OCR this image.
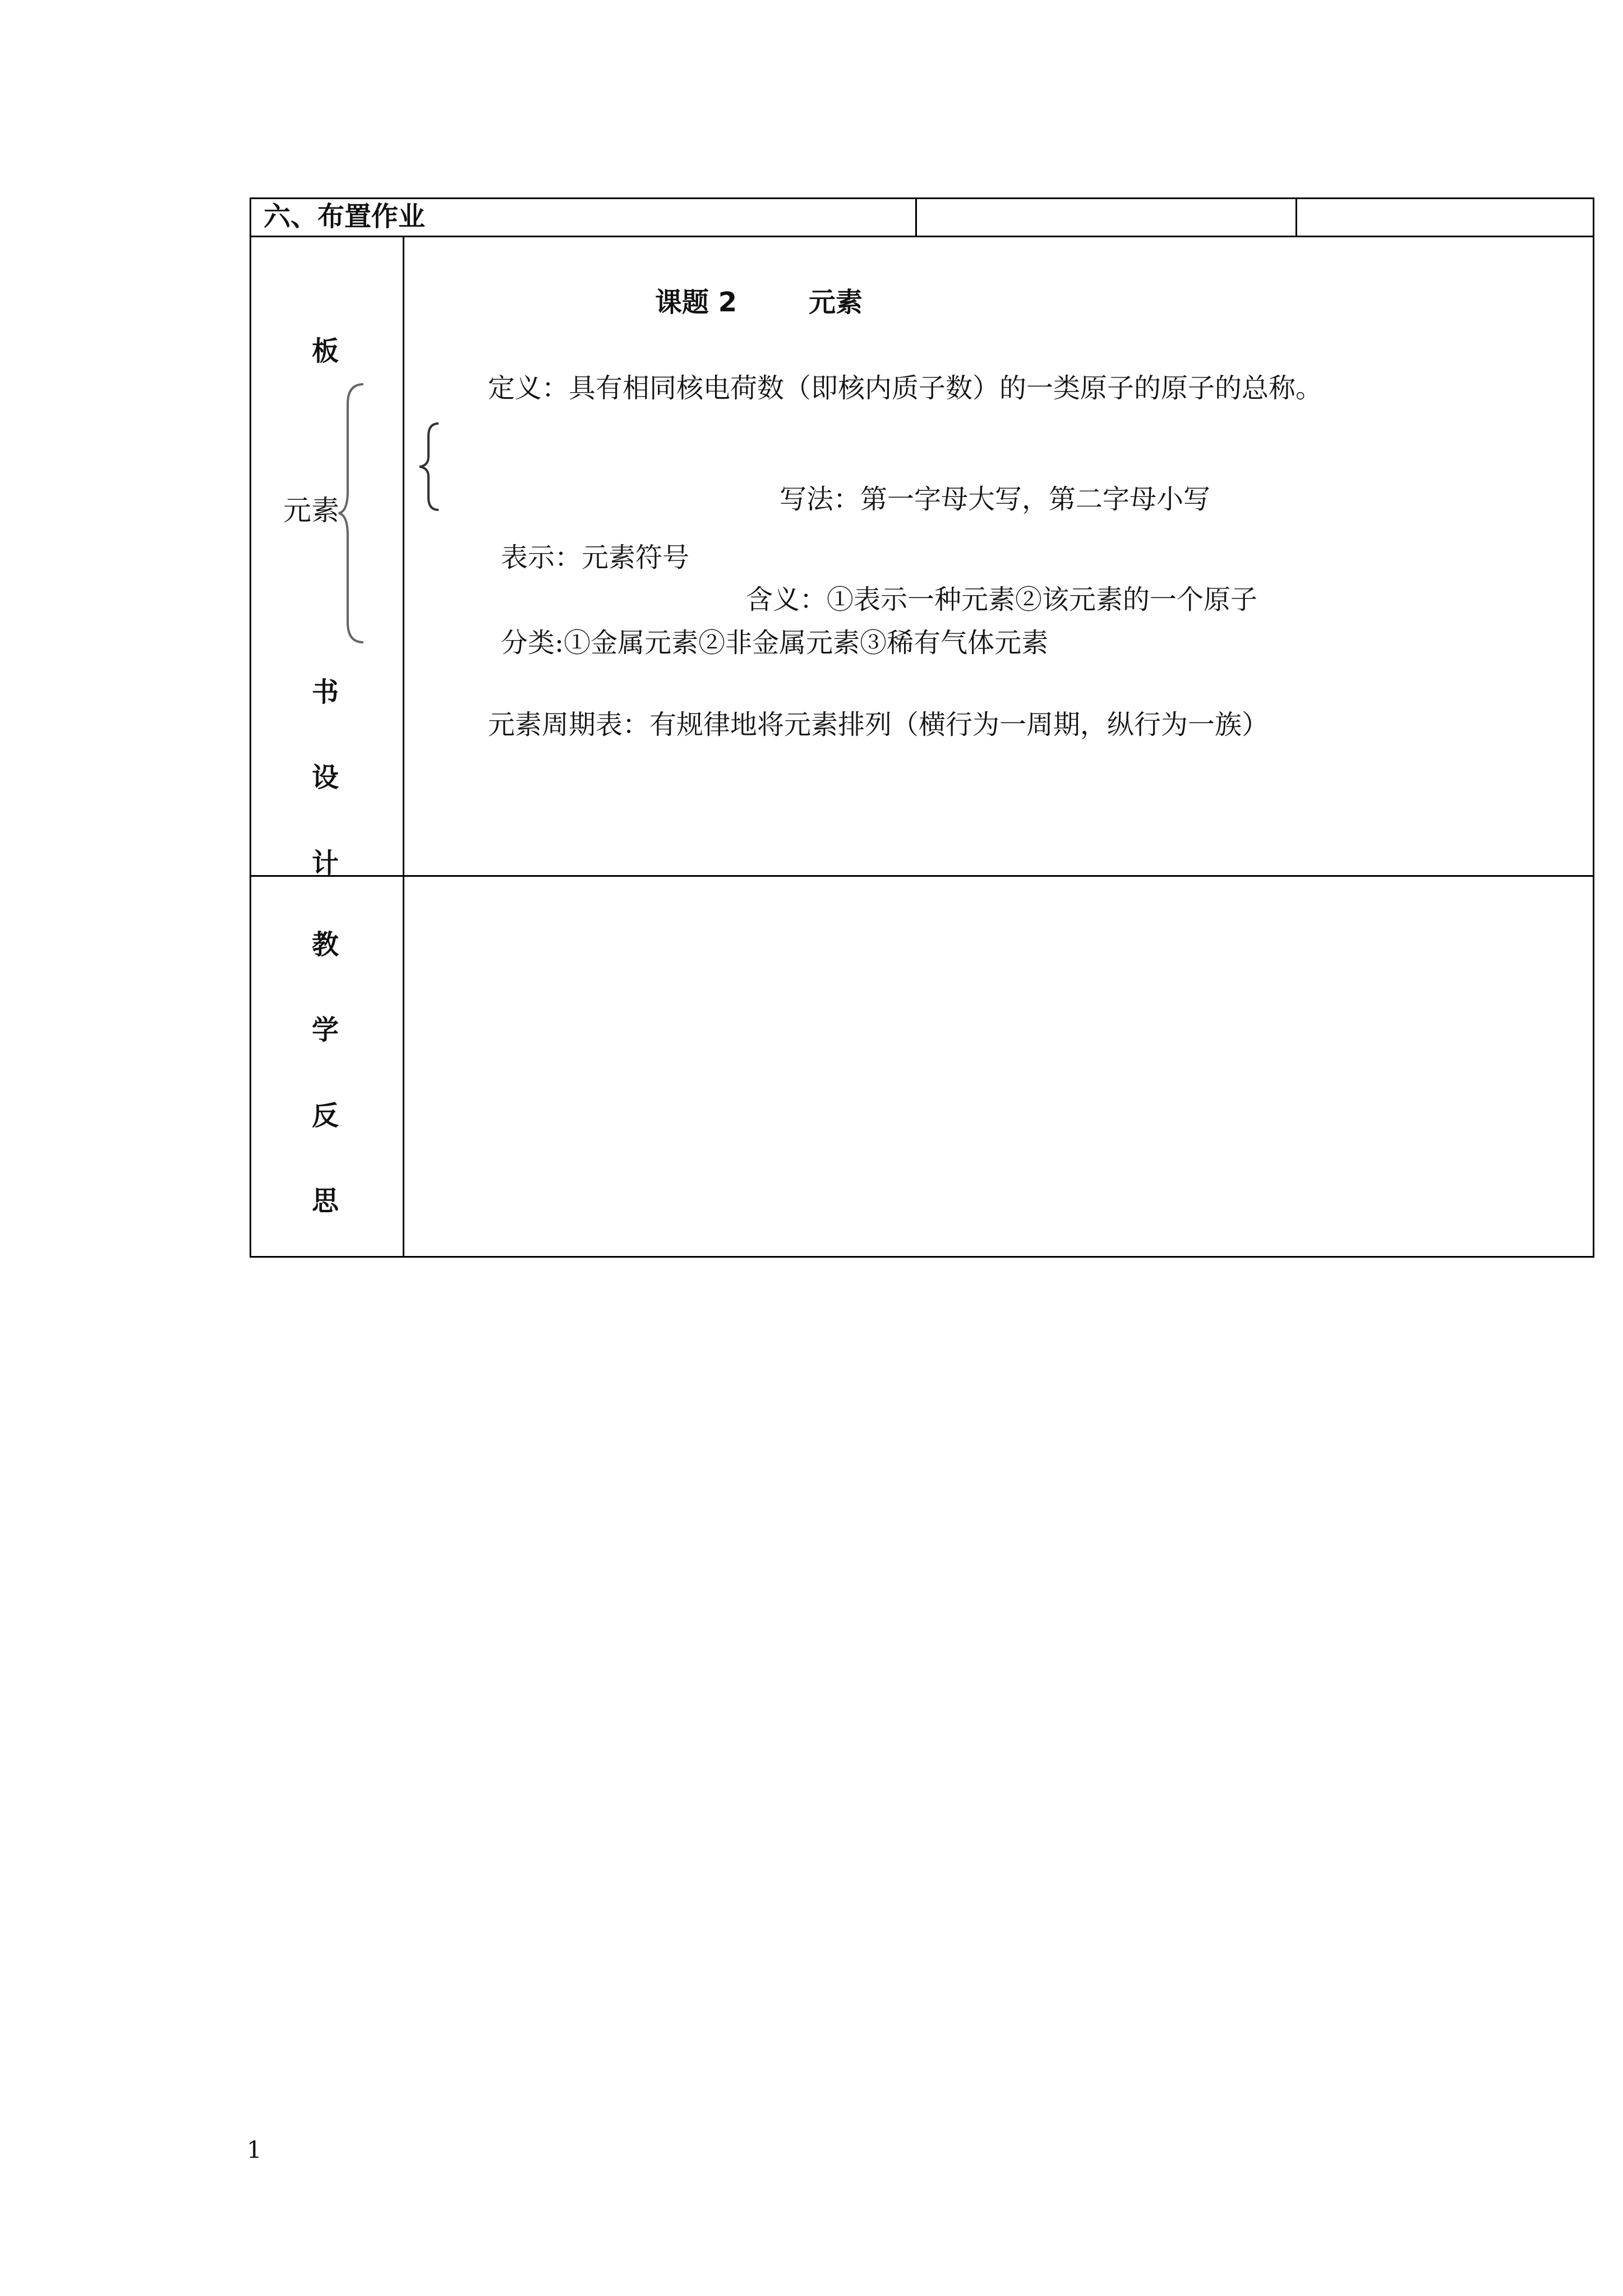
六、布置作业
板
书
设
计
元素
课题 2	元素
定义：具有相同核电荷数（即核内质子数）的一类原子的原子的总称。
写法：第一字母大写，第二字母小写
表示：元素符号
含义：①表示一种元素②该元素的一个原子
分类:①金属元素②非金属元素③稀有气体元素
元素周期表：有规律地将元素排列（横行为一周期，纵行为一族）
教
学
反
思
1
